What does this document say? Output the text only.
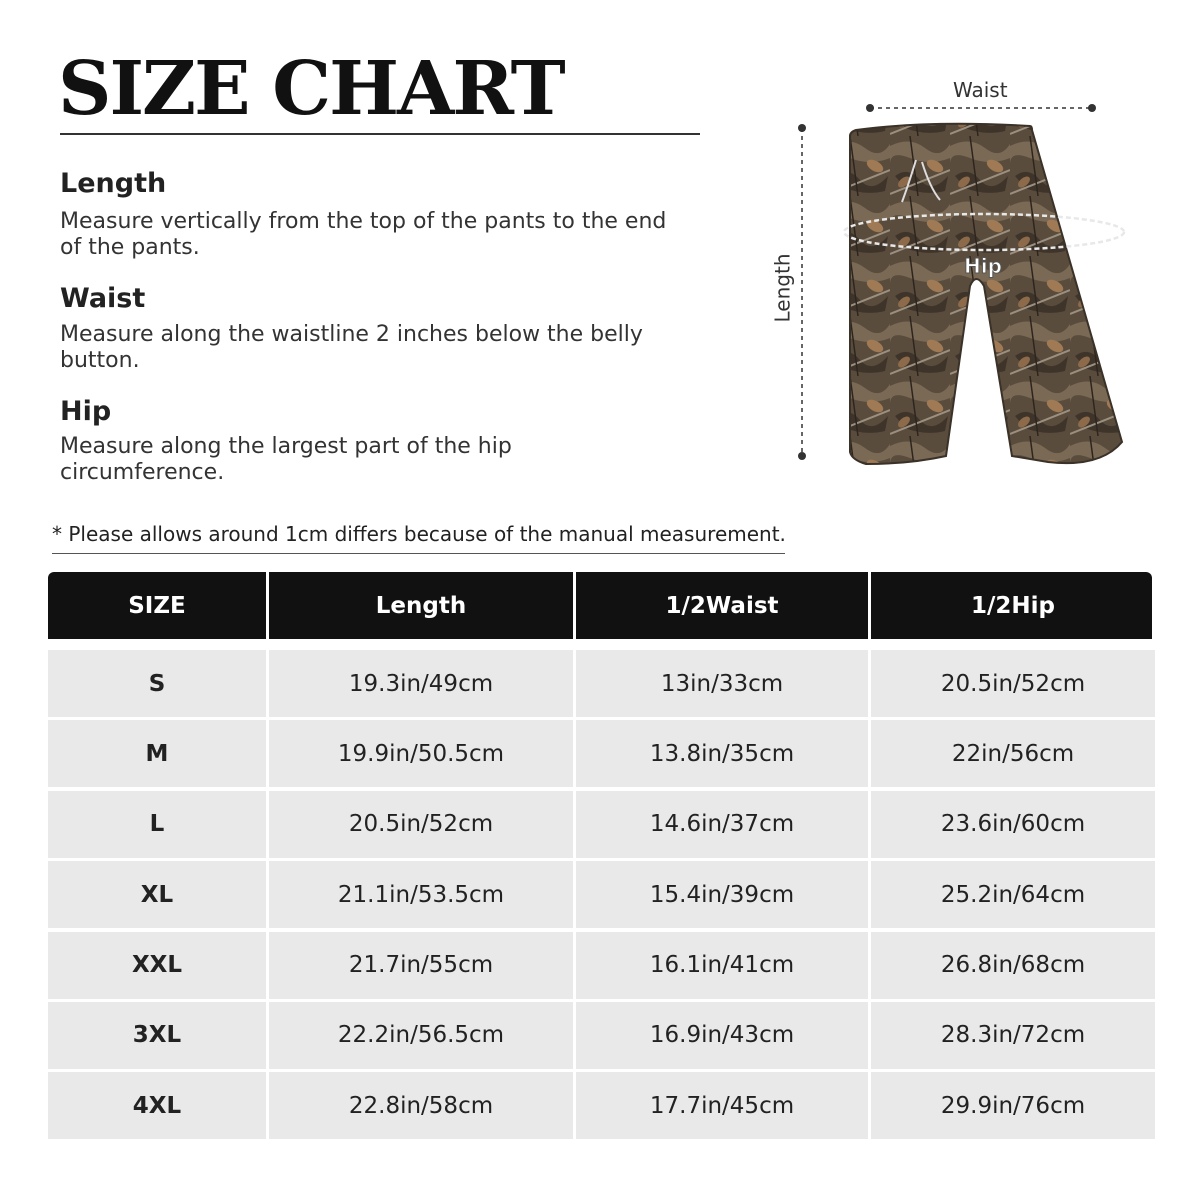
SIZE CHART
Length
Measure vertically from the top of the pants to the end of the pants.
Waist
Measure along the waistline 2 inches below the belly button.
Hip
Measure along the largest part of the hip circumference.
Waist
Length	Hip
* Please allows around 1cm differs because of the manual measurement.
SIZE	Length	1/2Waist	1/2Hip
S	19.3in/49cm	13in/33cm	20.5in/52cm
M	19.9in/50.5cm	13.8in/35cm	22in/56cm
L	20.5in/52cm	14.6in/37cm	23.6in/60cm
XL	21.1in/53.5cm	15.4in/39cm	25.2in/64cm
XXL	21.7in/55cm	16.1in/41cm	26.8in/68cm
3XL	22.2in/56.5cm	16.9in/43cm	28.3in/72cm
4XL	22.8in/58cm	17.7in/45cm	29.9in/76cm
